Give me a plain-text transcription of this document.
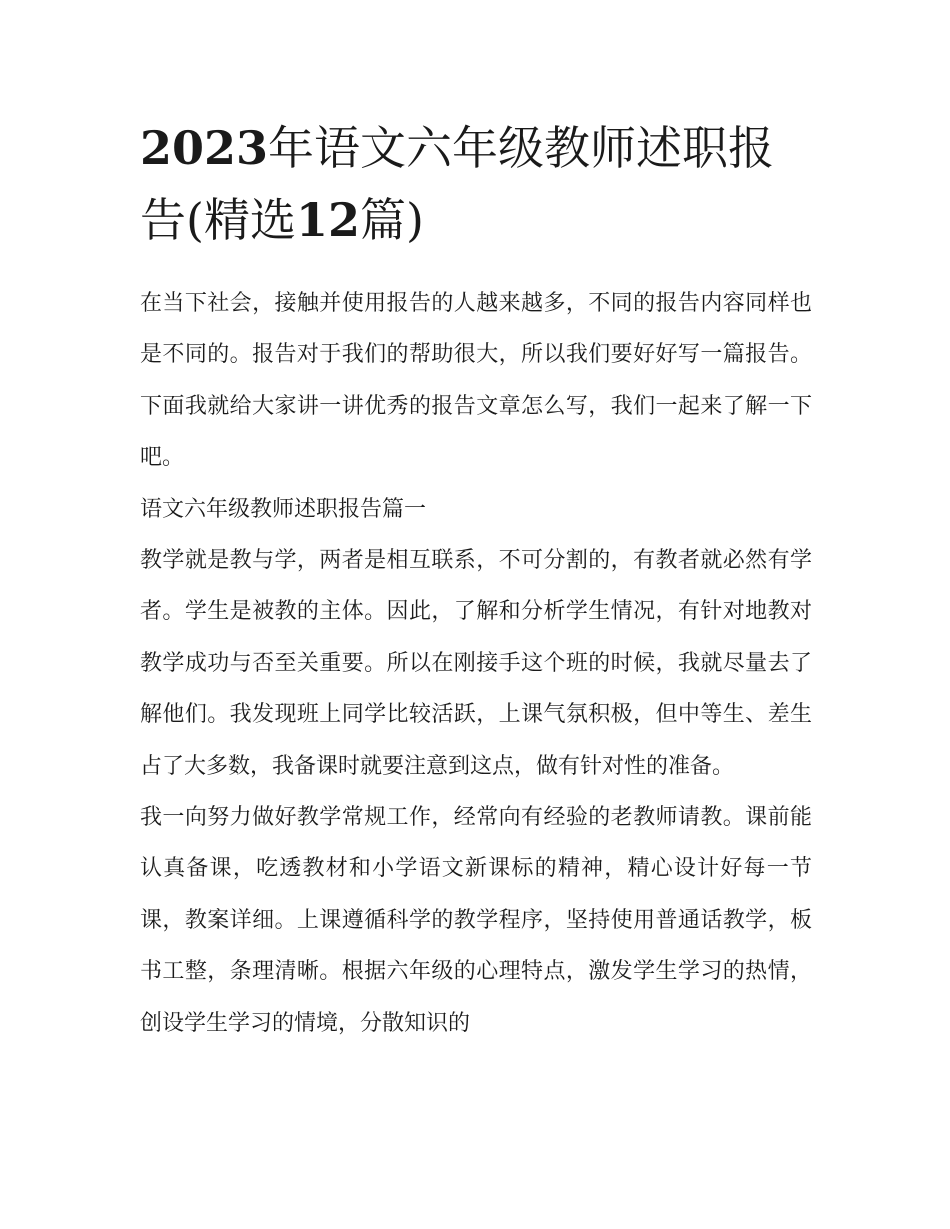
2023年语文六年级教师述职报告(精选12篇)

在当下社会，接触并使用报告的人越来越多，不同的报告内容同样也是不同的。报告对于我们的帮助很大，所以我们要好好写一篇报告。下面我就给大家讲一讲优秀的报告文章怎么写，我们一起来了解一下吧。

语文六年级教师述职报告篇一

教学就是教与学，两者是相互联系，不可分割的，有教者就必然有学者。学生是被教的主体。因此，了解和分析学生情况，有针对地教对教学成功与否至关重要。所以在刚接手这个班的时候，我就尽量去了解他们。我发现班上同学比较活跃，上课气氛积极，但中等生、差生占了大多数，我备课时就要注意到这点，做有针对性的准备。

我一向努力做好教学常规工作，经常向有经验的老教师请教。课前能认真备课，吃透教材和小学语文新课标的精神，精心设计好每一节课，教案详细。上课遵循科学的教学程序，坚持使用普通话教学，板书工整，条理清晰。根据六年级的心理特点，激发学生学习的热情，创设学生学习的情境，分散知识的
